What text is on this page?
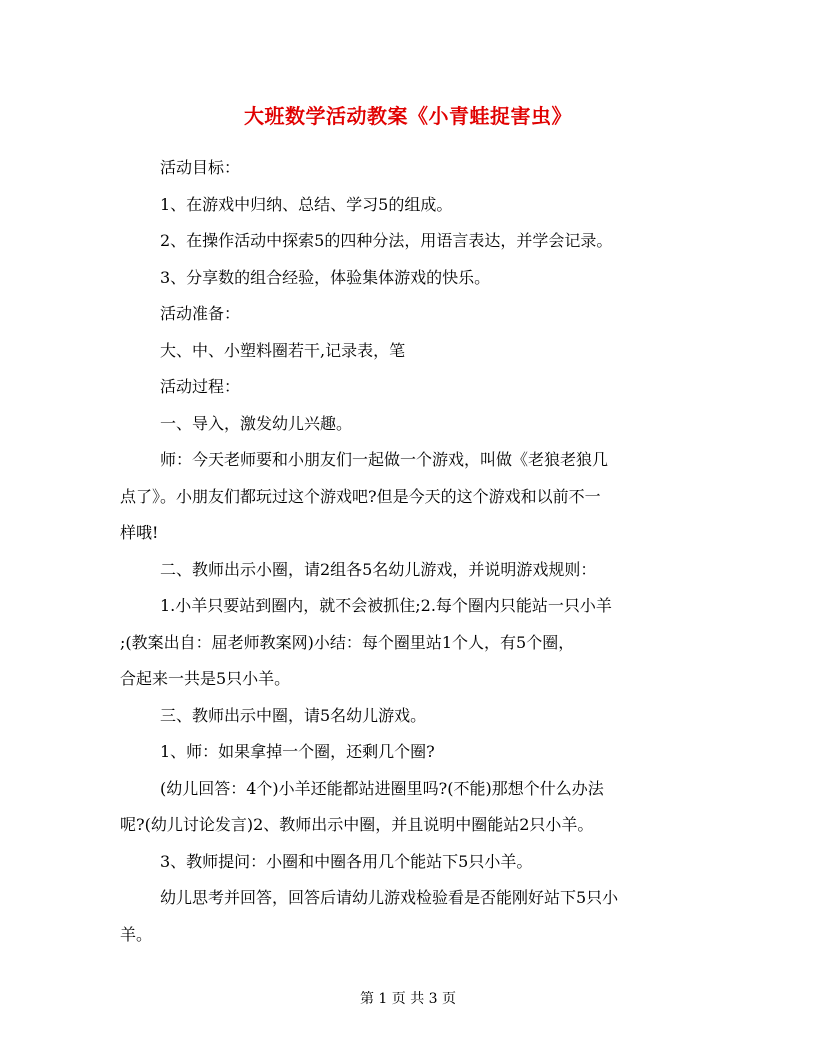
大班数学活动教案《小青蛙捉害虫》

活动目标：

1、在游戏中归纳、总结、学习5的组成。

2、在操作活动中探索5的四种分法，用语言表达，并学会记录。

3、分享数的组合经验，体验集体游戏的快乐。

活动准备：

大、中、小塑料圈若干,记录表，笔

活动过程：

一、导入，激发幼儿兴趣。

师：今天老师要和小朋友们一起做一个游戏，叫做《老狼老狼几
点了》。小朋友们都玩过这个游戏吧?但是今天的这个游戏和以前不一
样哦!

二、教师出示小圈，请2组各5名幼儿游戏，并说明游戏规则：

1.小羊只要站到圈内，就不会被抓住;2.每个圈内只能站一只小羊
;(教案出自：屈老师教案网)小结：每个圈里站1个人，有5个圈，
合起来一共是5只小羊。

三、教师出示中圈，请5名幼儿游戏。

1、师：如果拿掉一个圈，还剩几个圈?

(幼儿回答：4个)小羊还能都站进圈里吗?(不能)那想个什么办法
呢?(幼儿讨论发言)2、教师出示中圈，并且说明中圈能站2只小羊。

3、教师提问：小圈和中圈各用几个能站下5只小羊。

幼儿思考并回答，回答后请幼儿游戏检验看是否能刚好站下5只小
羊。

第 1 页 共 3 页
